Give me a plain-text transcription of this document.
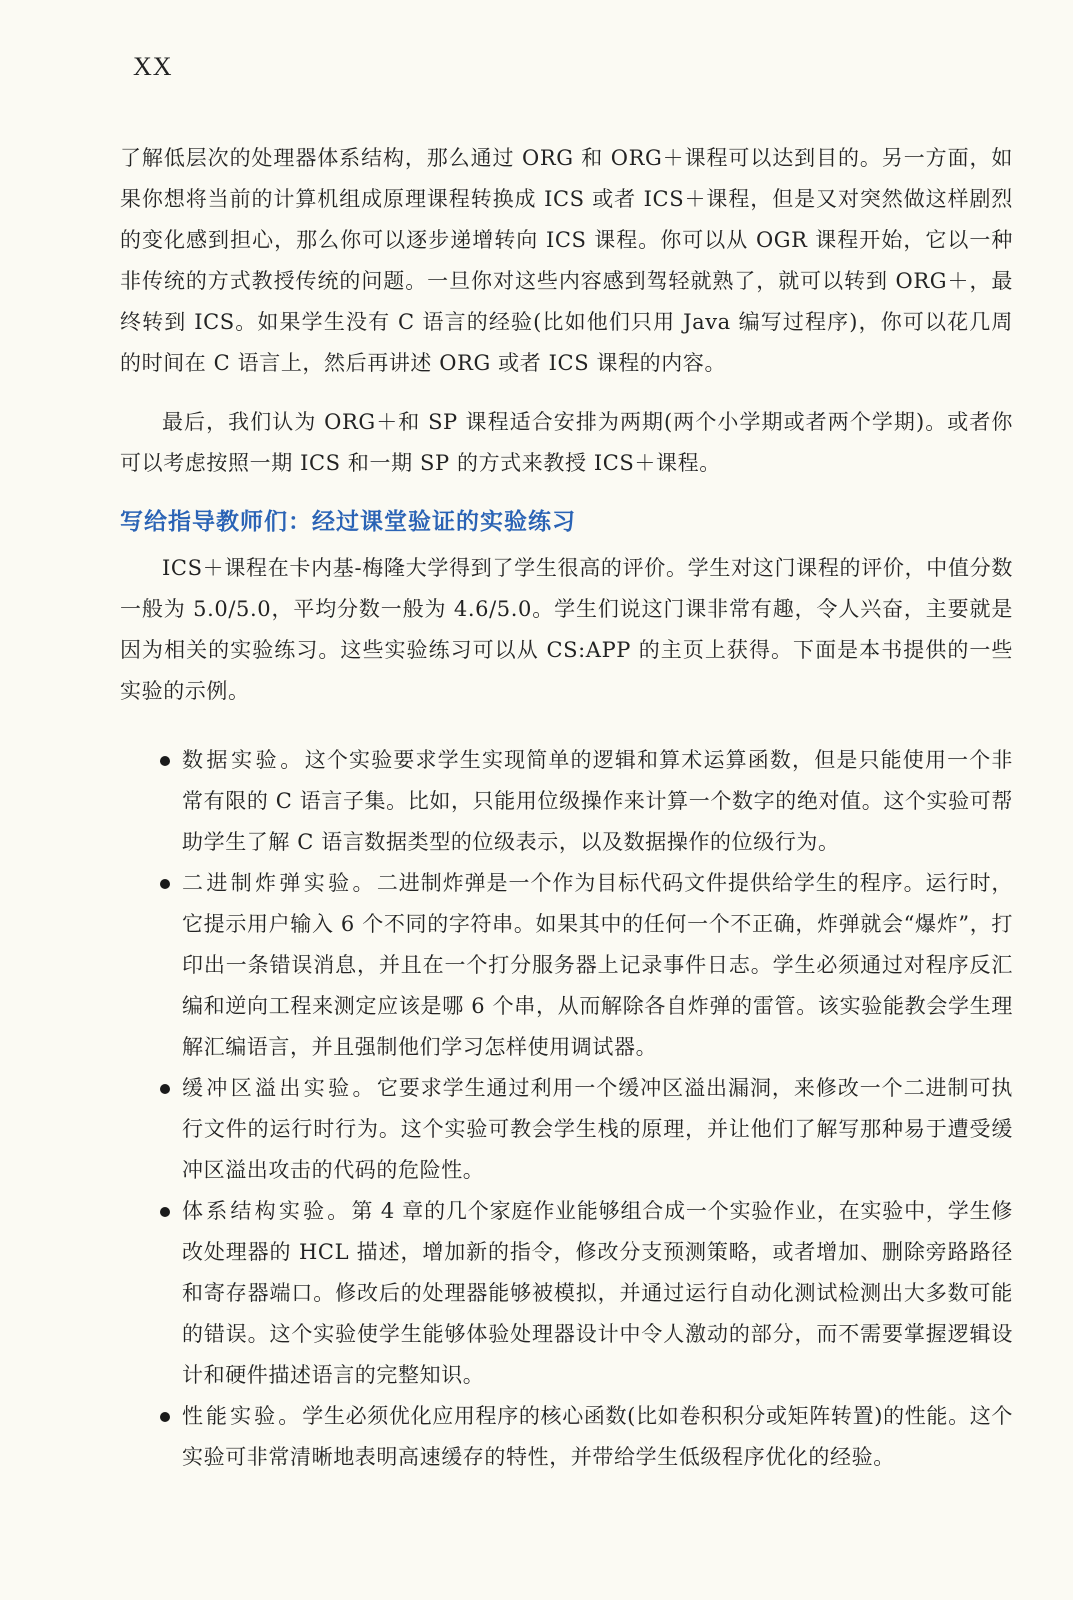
XX

了解低层次的处理器体系结构，那么通过 ORG 和 ORG＋课程可以达到目的。另一方面，如果你想将当前的计算机组成原理课程转换成 ICS 或者 ICS＋课程，但是又对突然做这样剧烈的变化感到担心，那么你可以逐步递增转向 ICS 课程。你可以从 OGR 课程开始，它以一种非传统的方式教授传统的问题。一旦你对这些内容感到驾轻就熟了，就可以转到 ORG＋，最终转到 ICS。如果学生没有 C 语言的经验(比如他们只用 Java 编写过程序)，你可以花几周的时间在 C 语言上，然后再讲述 ORG 或者 ICS 课程的内容。

最后，我们认为 ORG＋和 SP 课程适合安排为两期(两个小学期或者两个学期)。或者你可以考虑按照一期 ICS 和一期 SP 的方式来教授 ICS＋课程。

写给指导教师们：经过课堂验证的实验练习

ICS＋课程在卡内基-梅隆大学得到了学生很高的评价。学生对这门课程的评价，中值分数一般为 5.0/5.0，平均分数一般为 4.6/5.0。学生们说这门课非常有趣，令人兴奋，主要就是因为相关的实验练习。这些实验练习可以从 CS:APP 的主页上获得。下面是本书提供的一些实验的示例。

数据实验。这个实验要求学生实现简单的逻辑和算术运算函数，但是只能使用一个非常有限的 C 语言子集。比如，只能用位级操作来计算一个数字的绝对值。这个实验可帮助学生了解 C 语言数据类型的位级表示，以及数据操作的位级行为。
二进制炸弹实验。二进制炸弹是一个作为目标代码文件提供给学生的程序。运行时，它提示用户输入 6 个不同的字符串。如果其中的任何一个不正确，炸弹就会“爆炸”，打印出一条错误消息，并且在一个打分服务器上记录事件日志。学生必须通过对程序反汇编和逆向工程来测定应该是哪 6 个串，从而解除各自炸弹的雷管。该实验能教会学生理解汇编语言，并且强制他们学习怎样使用调试器。
缓冲区溢出实验。它要求学生通过利用一个缓冲区溢出漏洞，来修改一个二进制可执行文件的运行时行为。这个实验可教会学生栈的原理，并让他们了解写那种易于遭受缓冲区溢出攻击的代码的危险性。
体系结构实验。第 4 章的几个家庭作业能够组合成一个实验作业，在实验中，学生修改处理器的 HCL 描述，增加新的指令，修改分支预测策略，或者增加、删除旁路路径和寄存器端口。修改后的处理器能够被模拟，并通过运行自动化测试检测出大多数可能的错误。这个实验使学生能够体验处理器设计中令人激动的部分，而不需要掌握逻辑设计和硬件描述语言的完整知识。
性能实验。学生必须优化应用程序的核心函数(比如卷积积分或矩阵转置)的性能。这个实验可非常清晰地表明高速缓存的特性，并带给学生低级程序优化的经验。
